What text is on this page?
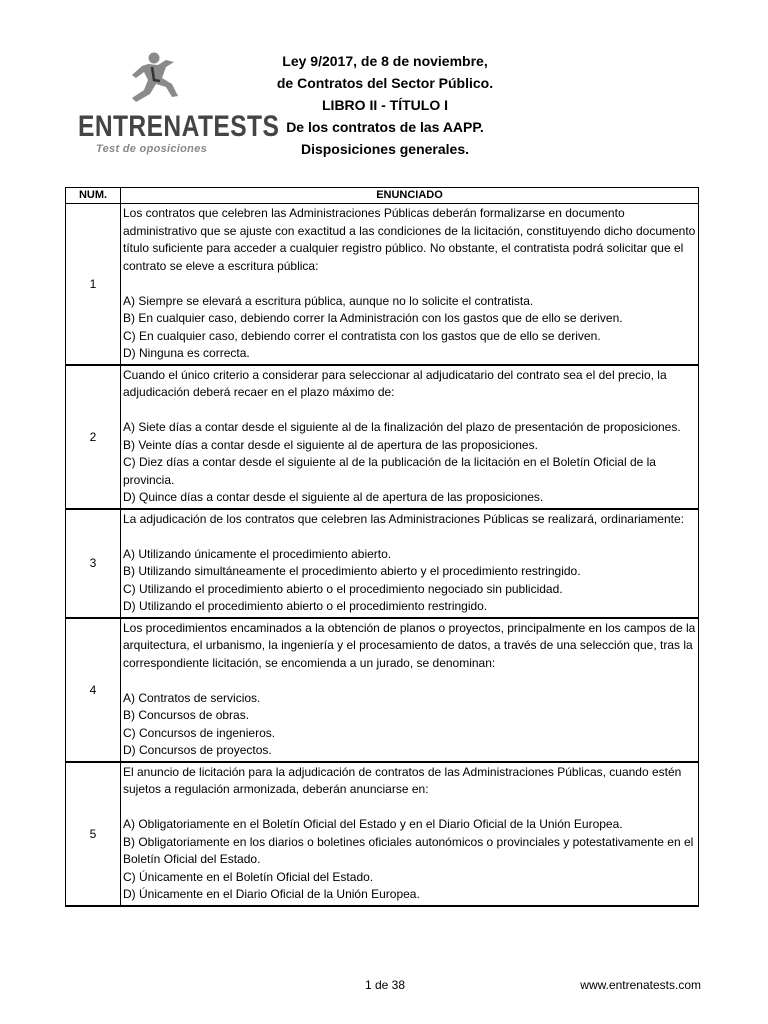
ENTRENATESTS
Test de oposiciones
Ley 9/2017, de 8 de noviembre,
de Contratos del Sector Público.
LIBRO II - TÍTULO I
De los contratos de las AAPP.
Disposiciones generales.
NUM.	ENUNCIADO
1	Los contratos que celebren las Administraciones Públicas deberán formalizarse en documento administrativo que se ajuste con exactitud a las condiciones de la licitación, constituyendo dicho documento título suficiente para acceder a cualquier registro público. No obstante, el contratista podrá solicitar que el contrato se eleve a escritura pública:
A) Siempre se elevará a escritura pública, aunque no lo solicite el contratista.
B) En cualquier caso, debiendo correr la Administración con los gastos que de ello se deriven.
C) En cualquier caso, debiendo correr el contratista con los gastos que de ello se deriven.
D) Ninguna es correcta.

2	Cuando el único criterio a considerar para seleccionar al adjudicatario del contrato sea el del precio, la adjudicación deberá recaer en el plazo máximo de:
A) Siete días a contar desde el siguiente al de la finalización del plazo de presentación de proposiciones.
B) Veinte días a contar desde el siguiente al de apertura de las proposiciones.
C) Diez días a contar desde el siguiente al de la publicación de la licitación en el Boletín Oficial de la provincia.
D) Quince días a contar desde el siguiente al de apertura de las proposiciones.

3	La adjudicación de los contratos que celebren las Administraciones Públicas se realizará, ordinariamente:
A) Utilizando únicamente el procedimiento abierto.
B) Utilizando simultáneamente el procedimiento abierto y el procedimiento restringido.
C) Utilizando el procedimiento abierto o el procedimiento negociado sin publicidad.
D) Utilizando el procedimiento abierto o el procedimiento restringido.

4	Los procedimientos encaminados a la obtención de planos o proyectos, principalmente en los campos de la arquitectura, el urbanismo, la ingeniería y el procesamiento de datos, a través de una selección que, tras la correspondiente licitación, se encomienda a un jurado, se denominan:
A) Contratos de servicios.
B) Concursos de obras.
C) Concursos de ingenieros.
D) Concursos de proyectos.

5	El anuncio de licitación para la adjudicación de contratos de las Administraciones Públicas, cuando estén sujetos a regulación armonizada, deberán anunciarse en:
A) Obligatoriamente en el Boletín Oficial del Estado y en el Diario Oficial de la Unión Europea.
B) Obligatoriamente en los diarios o boletines oficiales autonómicos o provinciales y potestativamente en el Boletín Oficial del Estado.
C) Únicamente en el Boletín Oficial del Estado.
D) Únicamente en el Diario Oficial de la Unión Europea.
1 de 38	www.entrenatests.com
